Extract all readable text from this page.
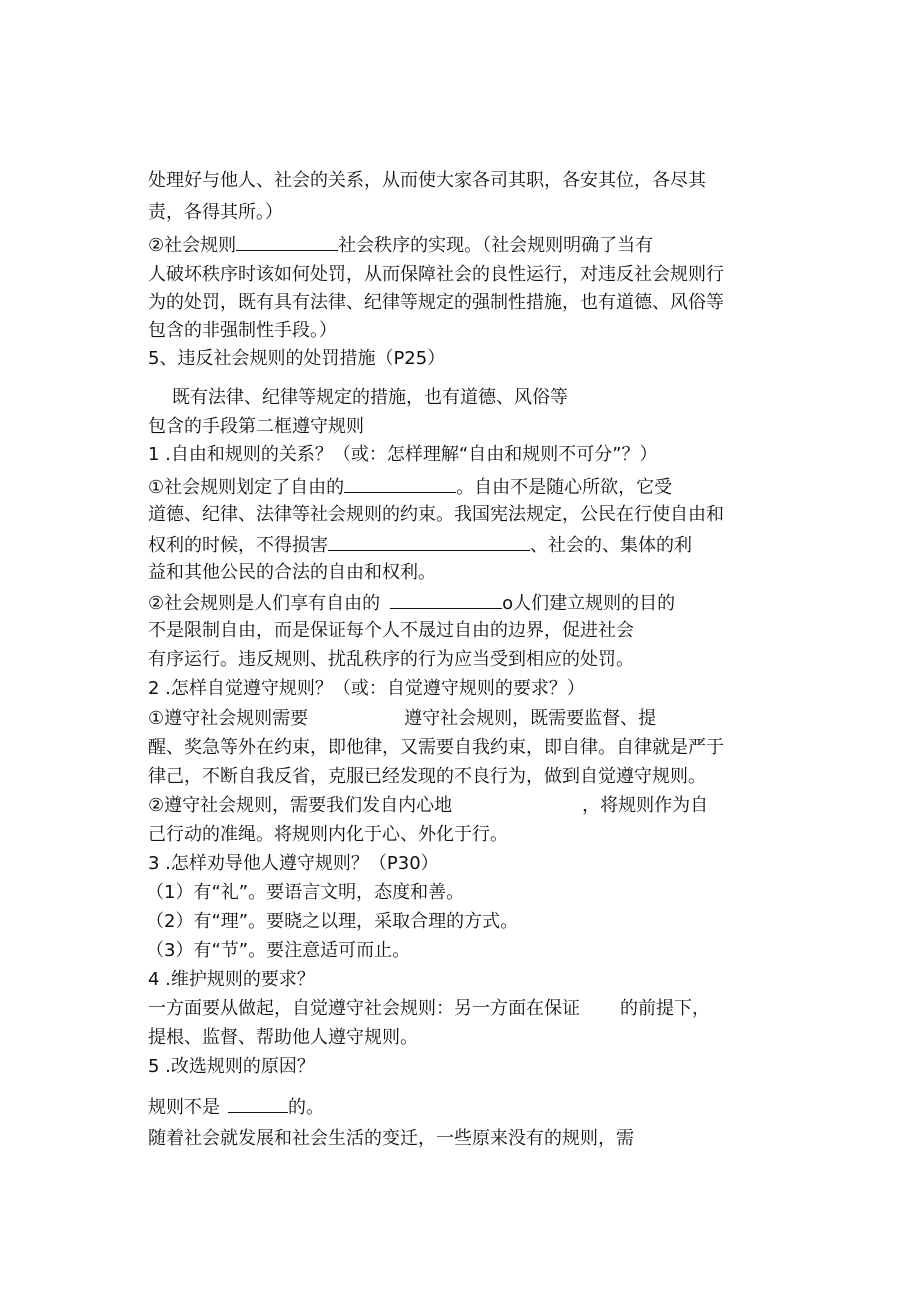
处理好与他人、社会的关系，从而使大家各司其职，各安其位，各尽其
责，各得其所。）
②社会规则	社会秩序的实现。（社会规则明确了当有
人破坏秩序时该如何处罚，从而保障社会的良性运行，对违反社会规则行
为的处罚，既有具有法律、纪律等规定的强制性措施，也有道德、风俗等
包含的非强制性手段。）
5、违反社会规则的处罚措施（P25）
既有法律、纪律等规定的措施，也有道德、风俗等
包含的手段第二框遵守规则
1 .自由和规则的关系？（或：怎样理解“自由和规则不可分”？）
①社会规则划定了自由的	。自由不是随心所欲，它受
道德、纪律、法律等社会规则的约束。我国宪法规定，公民在行使自由和
权利的时候，不得损害	、社会的、集体的利
益和其他公民的合法的自由和权利。
②社会规则是人们享有自由的	o人们建立规则的目的
不是限制自由，而是保证每个人不晟过自由的边界，促进社会
有序运行。违反规则、扰乱秩序的行为应当受到相应的处罚。
2 .怎样自觉遵守规则？（或：自觉遵守规则的要求？）
①遵守社会规则需要	遵守社会规则，既需要监督、提
醒、奖急等外在约束，即他律，又需要自我约束，即自律。自律就是严于
律己，不断自我反省，克服已经发现的不良行为，做到自觉遵守规则。
②遵守社会规则，需要我们发自内心地	，将规则作为自
己行动的准绳。将规则内化于心、外化于行。
3 .怎样劝导他人遵守规则？（P30）
（1）有“礼”。要语言文明，态度和善。
（2）有“理”。要晓之以理，采取合理的方式。
（3）有“节”。要注意适可而止。
4 .维护规则的要求？
一方面要从做起，自觉遵守社会规则：另一方面在保证 的前提下，
提根、监督、帮助他人遵守规则。
5 .改选规则的原因？
规则不是	的。
随着社会就发展和社会生活的变迁，一些原来没有的规则，需
